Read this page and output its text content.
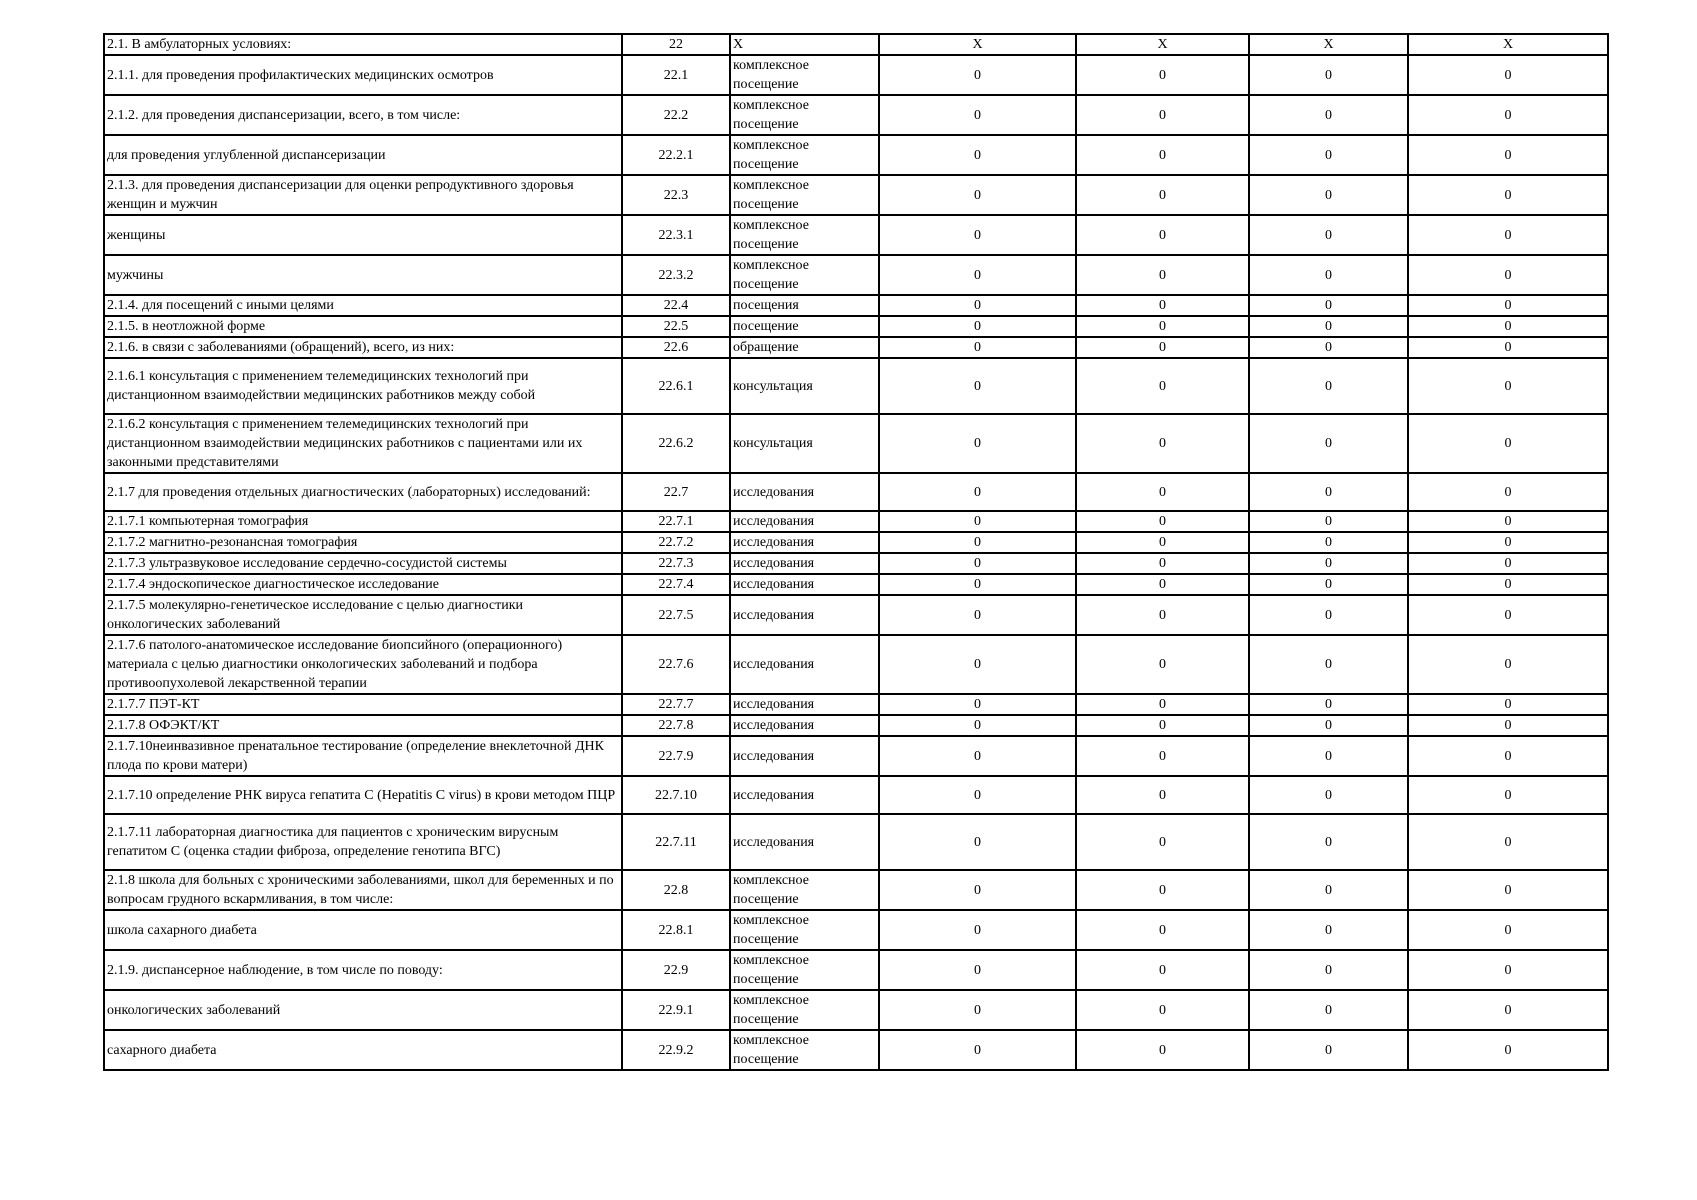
2.1. В амбулаторных условиях:	22	X	X	X	X	X
2.1.1. для проведения профилактических медицинских осмотров	22.1	комплексное посещение	0	0	0	0
2.1.2. для проведения диспансеризации, всего, в том числе:	22.2	комплексное посещение	0	0	0	0
для проведения углубленной диспансеризации	22.2.1	комплексное посещение	0	0	0	0
2.1.3. для проведения диспансеризации для оценки репродуктивного здоровья женщин и мужчин	22.3	комплексное посещение	0	0	0	0
женщины	22.3.1	комплексное посещение	0	0	0	0
мужчины	22.3.2	комплексное посещение	0	0	0	0
2.1.4. для посещений с иными целями	22.4	посещения	0	0	0	0
2.1.5. в неотложной форме	22.5	посещение	0	0	0	0
2.1.6. в связи с заболеваниями (обращений), всего, из них:	22.6	обращение	0	0	0	0
2.1.6.1 консультация с применением телемедицинских технологий при дистанционном взаимодействии медицинских работников между собой	22.6.1	консультация	0	0	0	0
2.1.6.2 консультация с применением телемедицинских технологий при дистанционном взаимодействии медицинских работников с пациентами или их законными представителями	22.6.2	консультация	0	0	0	0
2.1.7 для проведения отдельных диагностических (лабораторных) исследований:	22.7	исследования	0	0	0	0
2.1.7.1 компьютерная томография	22.7.1	исследования	0	0	0	0
2.1.7.2 магнитно-резонансная томография	22.7.2	исследования	0	0	0	0
2.1.7.3 ультразвуковое исследование сердечно-сосудистой системы	22.7.3	исследования	0	0	0	0
2.1.7.4 эндоскопическое диагностическое исследование	22.7.4	исследования	0	0	0	0
2.1.7.5 молекулярно-генетическое исследование с целью диагностики онкологических заболеваний	22.7.5	исследования	0	0	0	0
2.1.7.6 патолого-анатомическое исследование биопсийного (операционного) материала с целью диагностики онкологических заболеваний и подбора противоопухолевой лекарственной терапии	22.7.6	исследования	0	0	0	0
2.1.7.7 ПЭТ-КТ	22.7.7	исследования	0	0	0	0
2.1.7.8 ОФЭКТ/КТ	22.7.8	исследования	0	0	0	0
2.1.7.10неинвазивное пренатальное тестирование (определение внеклеточной ДНК плода по крови матери)	22.7.9	исследования	0	0	0	0
2.1.7.10 определение РНК вируса гепатита C (Hepatitis C virus) в крови методом ПЦР	22.7.10	исследования	0	0	0	0
2.1.7.11 лабораторная диагностика для пациентов с хроническим вирусным гепатитом C (оценка стадии фиброза, определение генотипа ВГС)	22.7.11	исследования	0	0	0	0
2.1.8 школа для больных с хроническими заболеваниями, школ для беременных и по вопросам грудного вскармливания, в том числе:	22.8	комплексное посещение	0	0	0	0
школа сахарного диабета	22.8.1	комплексное посещение	0	0	0	0
2.1.9. диспансерное наблюдение, в том числе по поводу:	22.9	комплексное посещение	0	0	0	0
онкологических заболеваний	22.9.1	комплексное посещение	0	0	0	0
сахарного диабета	22.9.2	комплексное посещение	0	0	0	0
